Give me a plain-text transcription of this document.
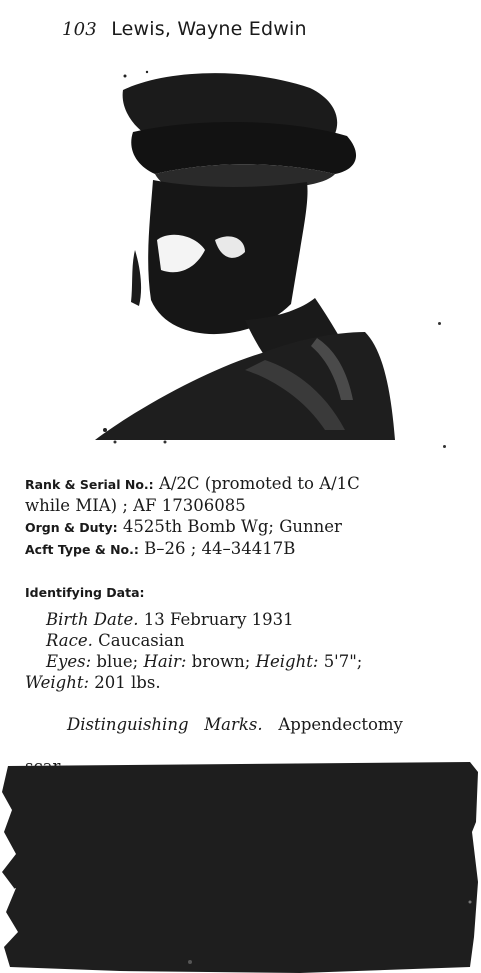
103 Lewis, Wayne Edwin
Rank & Serial No.: A/2C (promoted to A/1C
while MIA) ; AF 17306085
Orgn & Duty: 4525th Bomb Wg; Gunner
Acft Type & No.: B–26 ; 44–34417B
Identifying Data:
Birth Date. 13 February 1931
Race. Caucasian
Eyes: blue; Hair: brown; Height: 5'7";
Weight: 201 lbs.

Distinguishing   Marks. Appendectomy
